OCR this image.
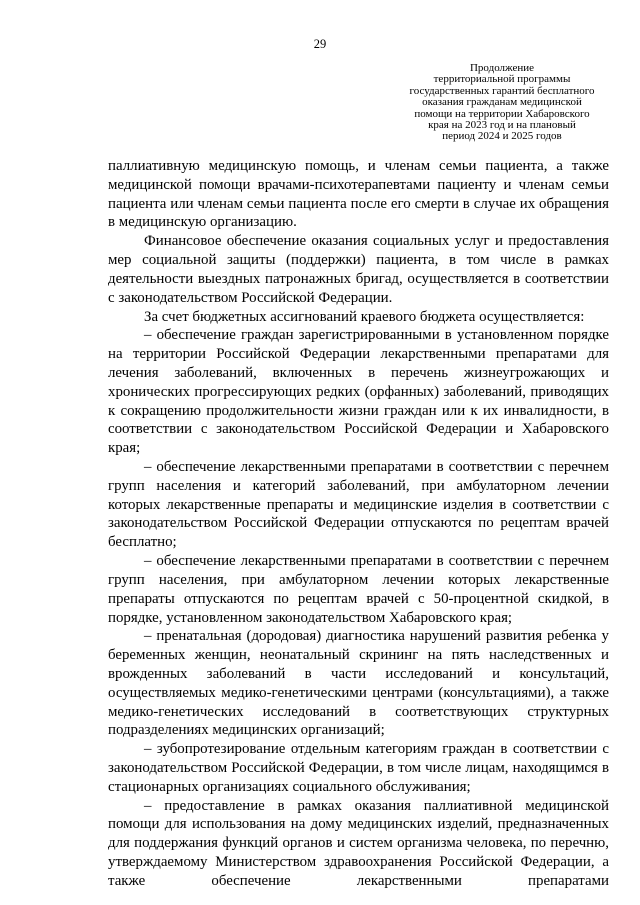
29
Продолжение
территориальной программы
государственных гарантий бесплатного
оказания гражданам медицинской
помощи на территории Хабаровского
края на 2023 год и на плановый
период 2024 и 2025 годов

паллиативную медицинскую помощь, и членам семьи пациента, а также медицинской помощи врачами-психотерапевтами пациенту и членам семьи пациента или членам семьи пациента после его смерти в случае их обращения в медицинскую организацию.

Финансовое обеспечение оказания социальных услуг и предоставления мер социальной защиты (поддержки) пациента, в том числе в рамках деятельности выездных патронажных бригад, осуществляется в соответствии с законодательством Российской Федерации.

За счет бюджетных ассигнований краевого бюджета осуществляется:

– обеспечение граждан зарегистрированными в установленном порядке на территории Российской Федерации лекарственными препаратами для лечения заболеваний, включенных в перечень жизнеугрожающих и хронических прогрессирующих редких (орфанных) заболеваний, приводящих к сокращению продолжительности жизни граждан или к их инвалидности, в соответствии с законодательством Российской Федерации и Хабаровского края;

– обеспечение лекарственными препаратами в соответствии с перечнем групп населения и категорий заболеваний, при амбулаторном лечении которых лекарственные препараты и медицинские изделия в соответствии с законодательством Российской Федерации отпускаются по рецептам врачей бесплатно;

– обеспечение лекарственными препаратами в соответствии с перечнем групп населения, при амбулаторном лечении которых лекарственные препараты отпускаются по рецептам врачей с 50-процентной скидкой, в порядке, установленном законодательством Хабаровского края;

– пренатальная (дородовая) диагностика нарушений развития ребенка у беременных женщин, неонатальный скрининг на пять наследственных и врожденных заболеваний в части исследований и консультаций, осуществляемых медико-генетическими центрами (консультациями), а также медико-генетических исследований в соответствующих структурных подразделениях медицинских организаций;

– зубопротезирование отдельным категориям граждан в соответствии с законодательством Российской Федерации, в том числе лицам, находящимся в стационарных организациях социального обслуживания;

– предоставление в рамках оказания паллиативной медицинской помощи для использования на дому медицинских изделий, предназначенных для поддержания функций органов и систем организма человека, по перечню, утверждаемому Министерством здравоохранения Российской Федерации, а также обеспечение лекарственными препаратами
